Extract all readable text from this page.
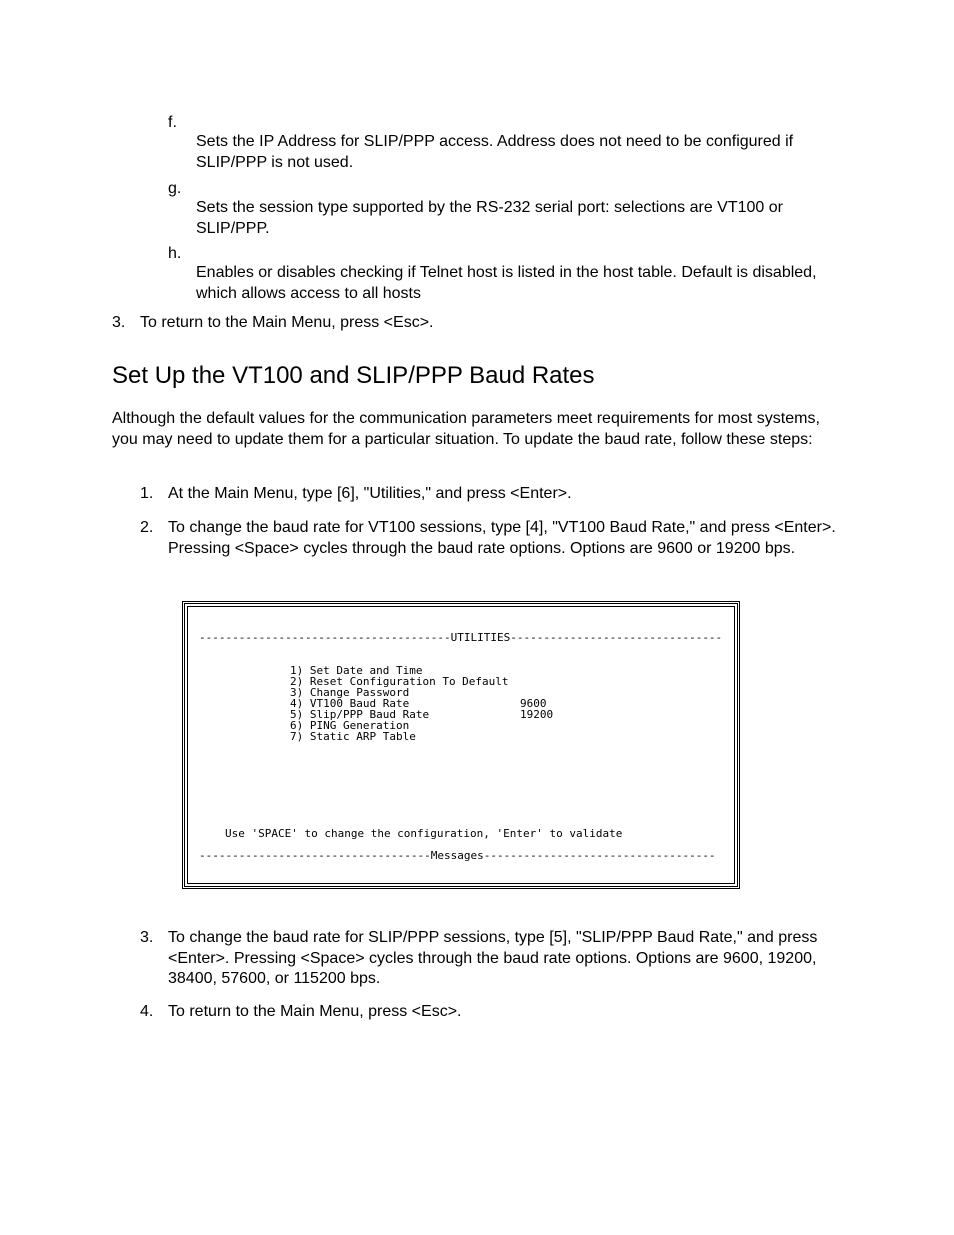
f.
Sets the IP Address for SLIP/PPP access. Address does not need to be configured if SLIP/PPP is not used.
g.
Sets the session type supported by the RS-232 serial port: selections are VT100 or SLIP/PPP.
h.
Enables or disables checking if Telnet host is listed in the host table. Default is disabled, which allows access to all hosts
3. To return to the Main Menu, press <Esc>.
Set Up the VT100 and SLIP/PPP Baud Rates
Although the default values for the communication parameters meet requirements for most systems, you may need to update them for a particular situation. To update the baud rate, follow these steps:
1. At the Main Menu, type [6], "Utilities," and press <Enter>.
2. To change the baud rate for VT100 sessions, type [4], "VT100 Baud Rate," and press <Enter>. Pressing <Space> cycles through the baud rate options. Options are 9600 or 19200 bps.
--------------------------------------UTILITIES--------------------------------
1) Set Date and Time
2) Reset Configuration To Default
3) Change Password
4) VT100 Baud Rate	9600
5) Slip/PPP Baud Rate	19200
6) PING Generation
7) Static ARP Table
Use 'SPACE' to change the configuration, 'Enter' to validate
-----------------------------------Messages-----------------------------------
3. To change the baud rate for SLIP/PPP sessions, type [5], "SLIP/PPP Baud Rate," and press <Enter>. Pressing <Space> cycles through the baud rate options. Options are 9600, 19200, 38400, 57600, or 115200 bps.
4. To return to the Main Menu, press <Esc>.
